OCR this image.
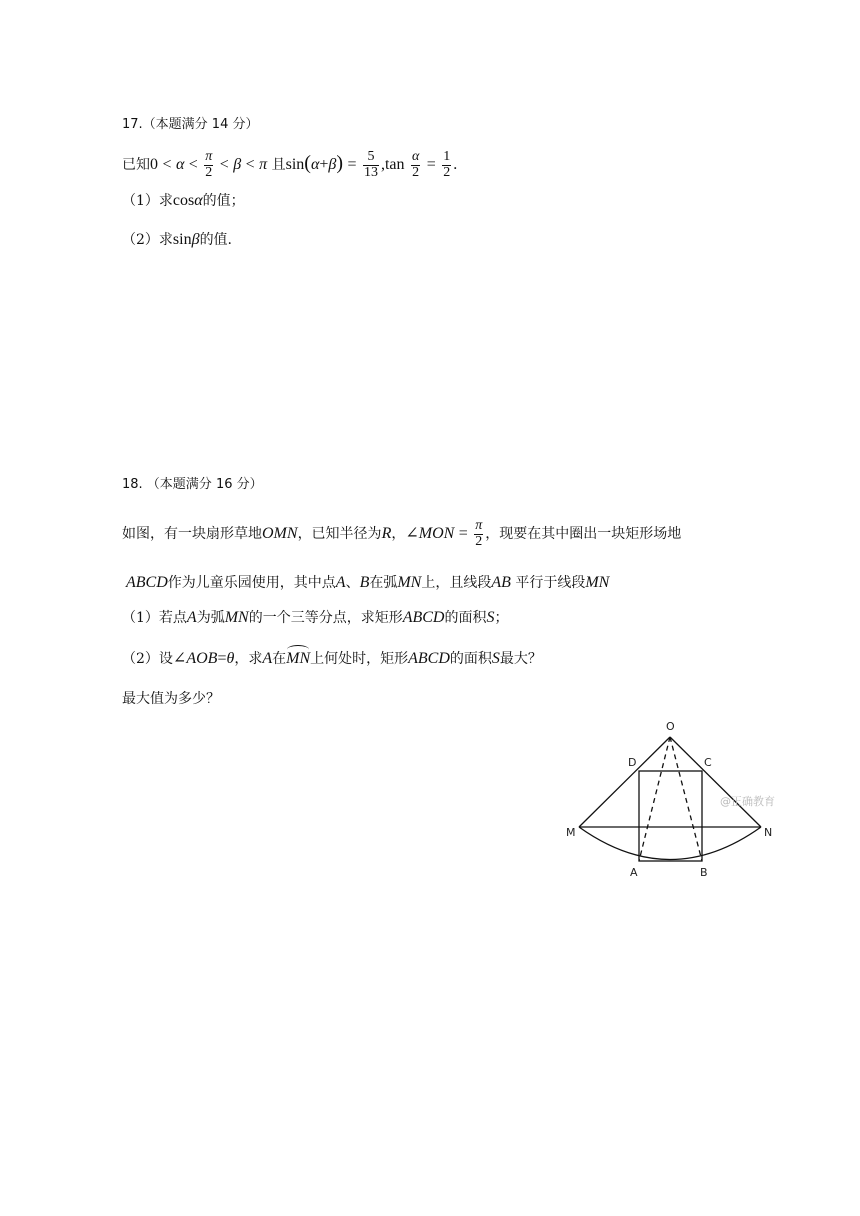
17.（本题满分 14 分）
已知$0 < \alpha < \frac{\pi}{2} < \beta < \pi$ 且$\sin(\alpha+\beta) = \frac{5}{13} ,\tan \frac{\alpha}{2} = \frac{1}{2}$ .
（1）求cosα的值；
（2）求sinβ的值.
18. （本题满分 16 分）
如图，有一块扇形草地OMN，已知半径为R，∠MON = $\frac{\pi}{2}$ ，现要在其中圈出一块矩形场地
ABCD作为儿童乐园使用，其中点A、B在弧MN上，且线段AB 平行于线段MN
（1）若点A为弧MN的一个三等分点，求矩形ABCD的面积S；
（2）设∠AOB=θ，求A在MN上何处时，矩形ABCD的面积S最大？
最大值为多少？
O
D	C
M	N
A	B
@正确教育
